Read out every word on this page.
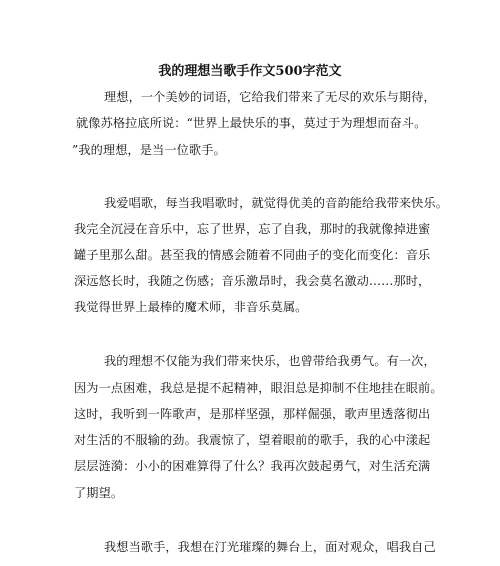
我的理想当歌手作文500字范文
理想，一个美妙的词语，它给我们带来了无尽的欢乐与期待，
就像苏格拉底所说：“世界上最快乐的事，莫过于为理想而奋斗。
”我的理想，是当一位歌手。
我爱唱歌，每当我唱歌时，就觉得优美的音韵能给我带来快乐。
我完全沉浸在音乐中，忘了世界，忘了自我，那时的我就像掉进蜜
罐子里那么甜。甚至我的情感会随着不同曲子的变化而变化：音乐
深远悠长时，我随之伤感；音乐激昂时，我会莫名激动……那时，
我觉得世界上最棒的魔术师，非音乐莫属。
我的理想不仅能为我们带来快乐，也曾带给我勇气。有一次，
因为一点困难，我总是提不起精神，眼泪总是抑制不住地挂在眼前。
这时，我听到一阵歌声，是那样坚强，那样倔强，歌声里透落彻出
对生活的不服输的劲。我震惊了，望着眼前的歌手，我的心中漾起
层层涟漪：小小的困难算得了什么？我再次鼓起勇气，对生活充满
了期望。
我想当歌手，我想在汀光璀璨的舞台上，面对观众，唱我自己
